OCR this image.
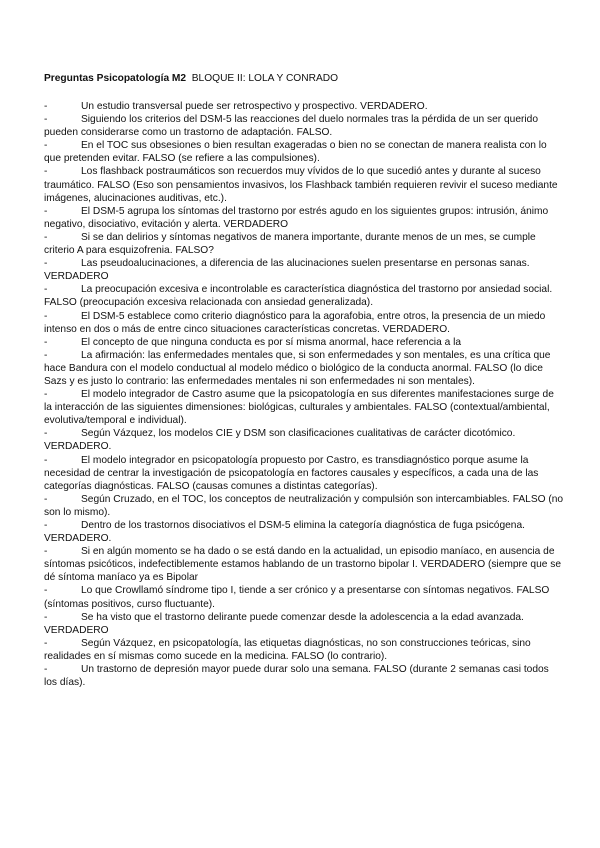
Preguntas Psicopatología M2 BLOQUE II: LOLA Y CONRADO
-	Un estudio transversal puede ser retrospectivo y prospectivo. VERDADERO.
-	Siguiendo los criterios del DSM-5 las reacciones del duelo normales tras la pérdida de un ser querido pueden considerarse como un trastorno de adaptación. FALSO.
-	En el TOC sus obsesiones o bien resultan exageradas o bien no se conectan de manera realista con lo que pretenden evitar. FALSO (se refiere a las compulsiones).
-	Los flashback postraumáticos son recuerdos muy vívidos de lo que sucedió antes y durante al suceso traumático. FALSO (Eso son pensamientos invasivos, los Flashback también requieren revivir el suceso mediante imágenes, alucinaciones auditivas, etc.).
-	El DSM-5 agrupa los síntomas del trastorno por estrés agudo en los siguientes grupos: intrusión, ánimo negativo, disociativo, evitación y alerta. VERDADERO
-	Si se dan delirios y síntomas negativos de manera importante, durante menos de un mes, se cumple criterio A para esquizofrenia. FALSO?
-	Las pseudoalucinaciones, a diferencia de las alucinaciones suelen presentarse en personas sanas. VERDADERO
-	La preocupación excesiva e incontrolable es característica diagnóstica del trastorno por ansiedad social. FALSO (preocupación excesiva relacionada con ansiedad generalizada).
-	El DSM-5 establece como criterio diagnóstico para la agorafobia, entre otros, la presencia de un miedo intenso en dos o más de entre cinco situaciones características concretas. VERDADERO.
-	El concepto de que ninguna conducta es por sí misma anormal, hace referencia a la
-	La afirmación: las enfermedades mentales que, si son enfermedades y son mentales, es una crítica que hace Bandura con el modelo conductual al modelo médico o biológico de la conducta anormal. FALSO (lo dice Sazs y es justo lo contrario: las enfermedades mentales ni son enfermedades ni son mentales).
-	El modelo integrador de Castro asume que la psicopatología en sus diferentes manifestaciones surge de la interacción de las siguientes dimensiones: biológicas, culturales y ambientales. FALSO (contextual/ambiental, evolutiva/temporal e individual).
-	Según Vázquez, los modelos CIE y DSM son clasificaciones cualitativas de carácter dicotómico. VERDADERO.
-	El modelo integrador en psicopatología propuesto por Castro, es transdiagnóstico porque asume la necesidad de centrar la investigación de psicopatología en factores causales y específicos, a cada una de las categorías diagnósticas. FALSO (causas comunes a distintas categorías).
-	Según Cruzado, en el TOC, los conceptos de neutralización y compulsión son intercambiables. FALSO (no son lo mismo).
-	Dentro de los trastornos disociativos el DSM-5 elimina la categoría diagnóstica de fuga psicógena. VERDADERO.
-	Si en algún momento se ha dado o se está dando en la actualidad, un episodio maníaco, en ausencia de síntomas psicóticos, indefectiblemente estamos hablando de un trastorno bipolar I. VERDADERO (siempre que se dé síntoma maníaco ya es Bipolar
-	Lo que Crowllamó síndrome tipo I, tiende a ser crónico y a presentarse con síntomas negativos. FALSO (síntomas positivos, curso fluctuante).
-	Se ha visto que el trastorno delirante puede comenzar desde la adolescencia a la edad avanzada. VERDADERO
-	Según Vázquez, en psicopatología, las etiquetas diagnósticas, no son construcciones teóricas, sino realidades en sí mismas como sucede en la medicina. FALSO (lo contrario).
-	Un trastorno de depresión mayor puede durar solo una semana. FALSO (durante 2 semanas casi todos los días).
